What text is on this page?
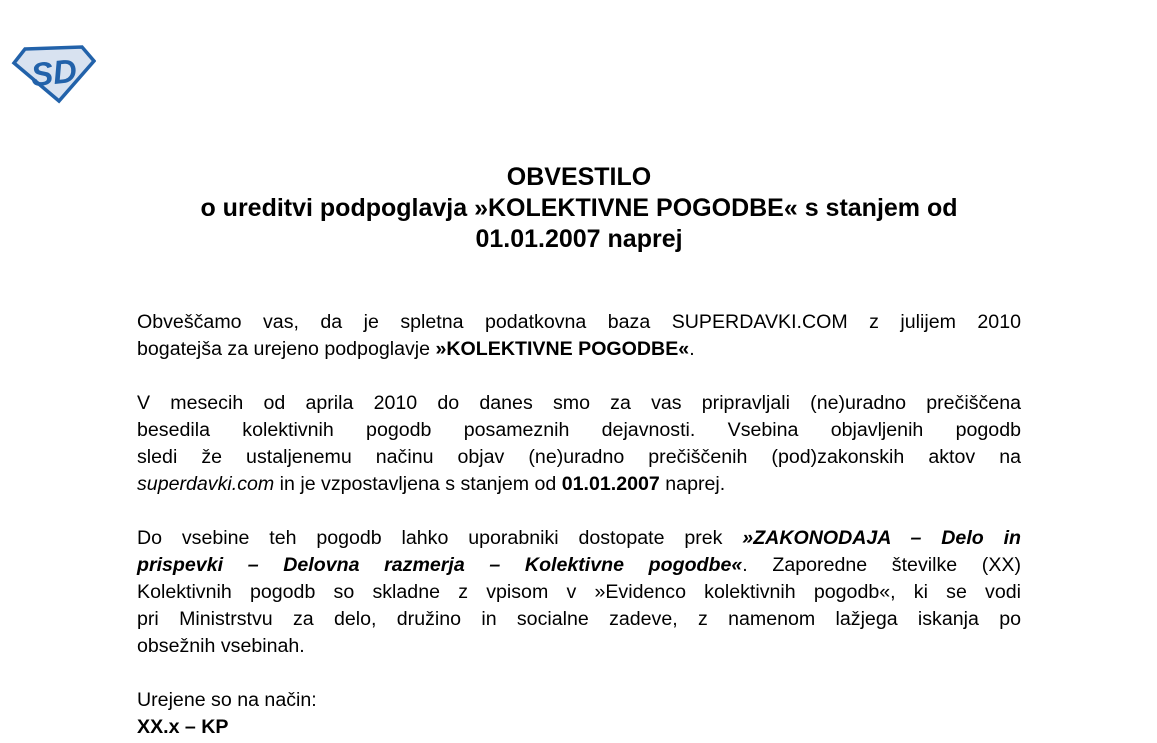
SD
OBVESTILO
o ureditvi podpoglavja »KOLEKTIVNE POGODBE« s stanjem od
01.01.2007 naprej
Obveščamo vas, da je spletna podatkovna baza SUPERDAVKI.COM z julijem 2010
bogatejša za urejeno podpoglavje »KOLEKTIVNE POGODBE«.
V mesecih od aprila 2010 do danes smo za vas pripravljali (ne)uradno prečiščena
besedila kolektivnih pogodb posameznih dejavnosti. Vsebina objavljenih pogodb
sledi že ustaljenemu načinu objav (ne)uradno prečiščenih (pod)zakonskih aktov na
superdavki.com in je vzpostavljena s stanjem od 01.01.2007 naprej.
Do vsebine teh pogodb lahko uporabniki dostopate prek »ZAKONODAJA – Delo in
prispevki – Delovna razmerja – Kolektivne pogodbe«. Zaporedne številke (XX)
Kolektivnih pogodb so skladne z vpisom v »Evidenco kolektivnih pogodb«, ki se vodi
pri Ministrstvu za delo, družino in socialne zadeve, z namenom lažjega iskanja po
obsežnih vsebinah.
Urejene so na način:
XX.x – KP
